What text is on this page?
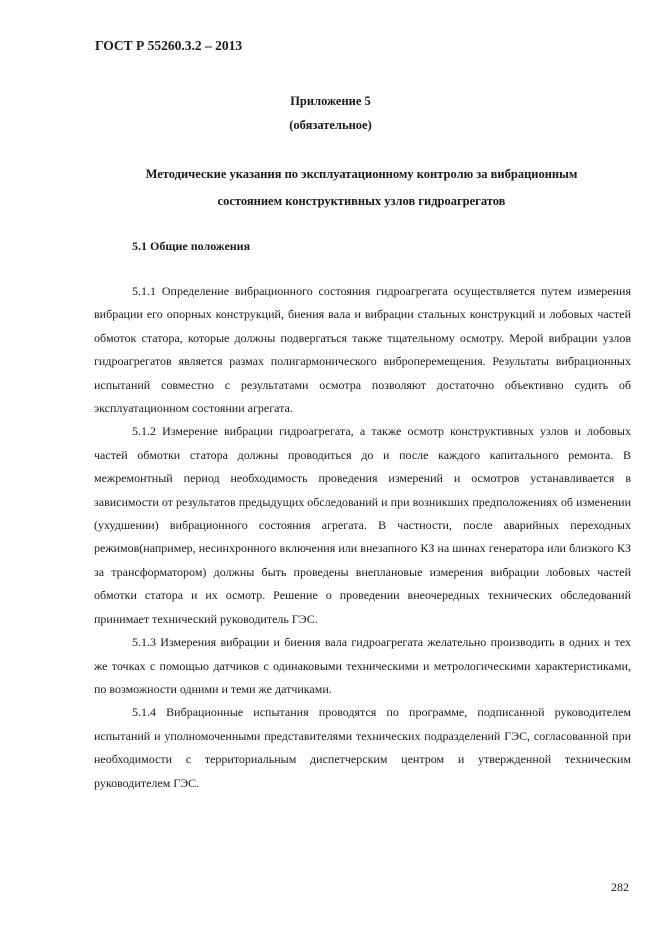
ГОСТ Р 55260.3.2 – 2013
Приложение 5
(обязательное)
Методические указания по эксплуатационному контролю за вибрационным
состоянием конструктивных узлов гидроагрегатов
5.1 Общие положения

5.1.1 Определение вибрационного состояния гидроагрегата осуществляется путем измерения вибрации его опорных конструкций, биения вала и вибрации стальных конструкций и лобовых частей обмоток статора, которые должны подвергаться также тщательному осмотру. Мерой вибрации узлов гидроагрегатов является размах полигармонического виброперемещения. Результаты вибрационных испытаний совместно с результатами осмотра позволяют достаточно объективно судить об эксплуатационном состоянии агрегата.

5.1.2 Измерение вибрации гидроагрегата, а также осмотр конструктивных узлов и лобовых частей обмотки статора должны проводиться до и после каждого капитального ремонта. В межремонтный период необходимость проведения измерений и осмотров устанавливается в зависимости от результатов предыдущих обследований и при возникших предположениях об изменении (ухудшении) вибрационного состояния агрегата. В частности, после аварийных переходных режимов(например, несинхронного включения или внезапного КЗ на шинах генератора или близкого КЗ за трансформатором) должны быть проведены внеплановые измерения вибрации лобовых частей обмотки статора и их осмотр. Решение о проведении внеочередных технических обследований принимает технический руководитель ГЭС.

5.1.3 Измерения вибрации и биения вала гидроагрегата желательно производить в одних и тех же точках с помощью датчиков с одинаковыми техническими и метрологическими характеристиками, по возможности одними и теми же датчиками.

5.1.4 Вибрационные испытания проводятся по программе, подписанной руководителем испытаний и уполномоченными представителями технических подразделений ГЭС, согласованной при необходимости с территориальным диспетчерским центром и утвержденной техническим руководителем ГЭС.

282
